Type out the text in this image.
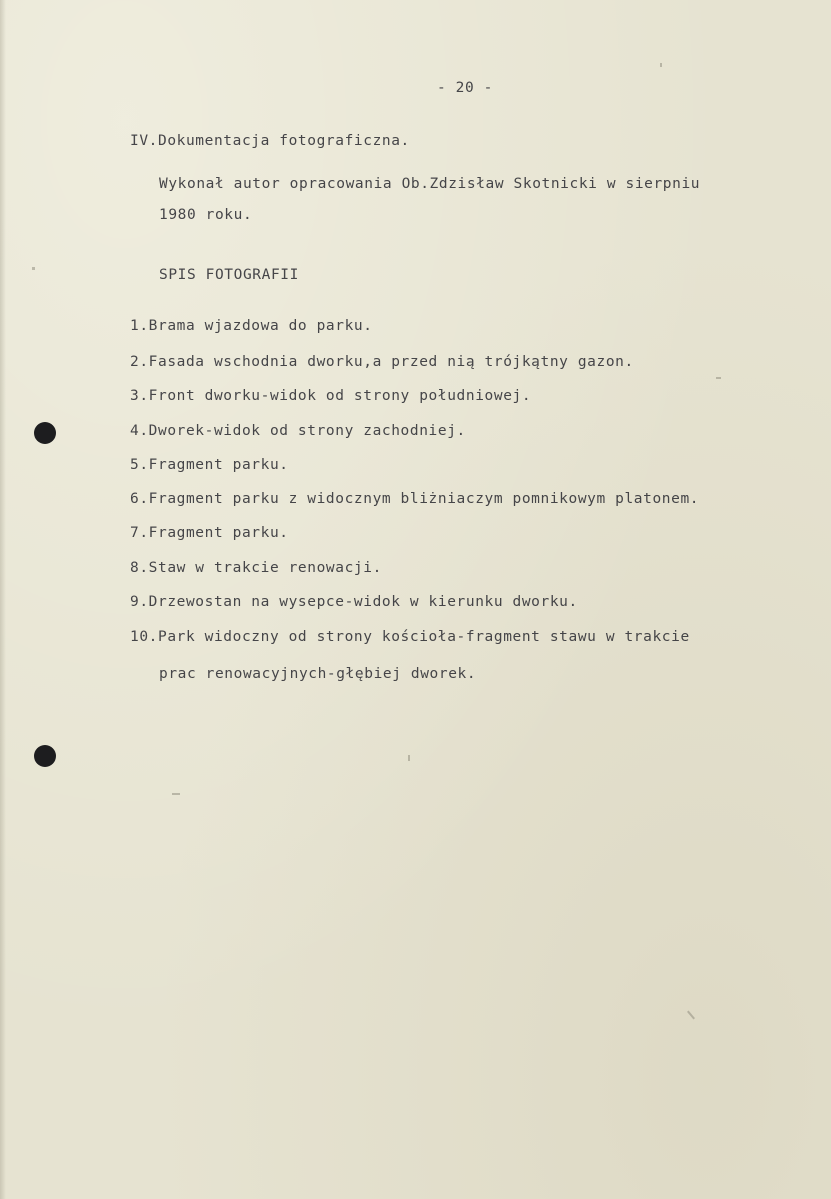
- 20 -
IV.Dokumentacja fotograficzna.
Wykonał autor opracowania Ob.Zdzisław Skotnicki w sierpniu
1980 roku.
SPIS FOTOGRAFII
1.Brama wjazdowa do parku.
2.Fasada wschodnia dworku,a przed nią trójkątny gazon.
3.Front dworku-widok od strony południowej.
4.Dworek-widok od strony zachodniej.
5.Fragment parku.
6.Fragment parku z widocznym bliżniaczym pomnikowym platonem.
7.Fragment parku.
8.Staw w trakcie renowacji.
9.Drzewostan na wysepce-widok w kierunku dworku.
10.Park widoczny od strony kościoła-fragment stawu w trakcie
prac renowacyjnych-głębiej dworek.
